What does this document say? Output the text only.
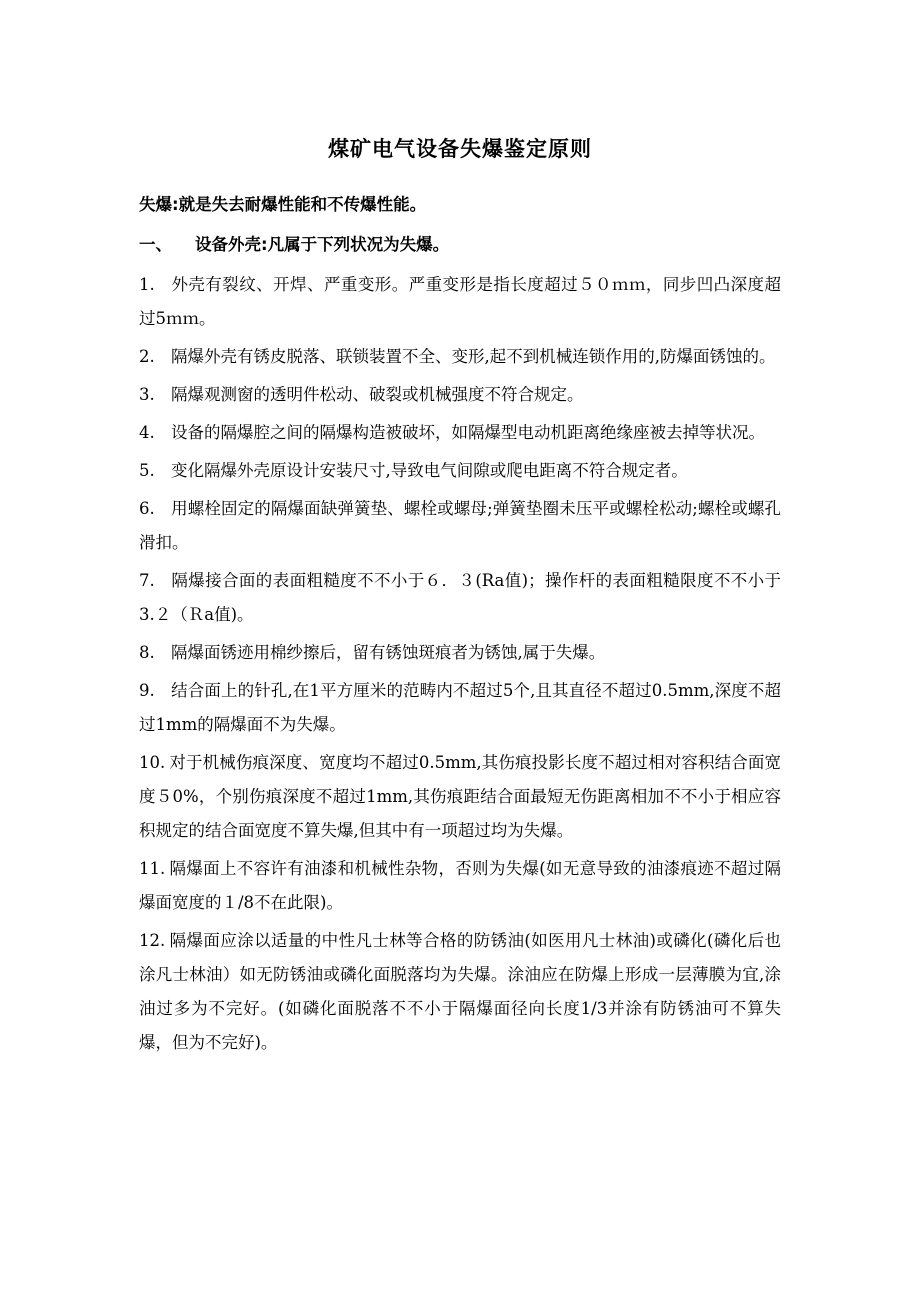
煤矿电气设备失爆鉴定原则

失爆:就是失去耐爆性能和不传爆性能。

一、 设备外壳:凡属于下列状况为失爆。

1. 外壳有裂纹、开焊、严重变形。严重变形是指长度超过５０ｍｍ，同步凹凸深度超过5ｍｍ。

2. 隔爆外壳有锈皮脱落、联锁装置不全、变形,起不到机械连锁作用的,防爆面锈蚀的。

3. 隔爆观测窗的透明件松动、破裂或机械强度不符合规定。

4. 设备的隔爆腔之间的隔爆构造被破坏，如隔爆型电动机距离绝缘座被去掉等状况。

5. 变化隔爆外壳原设计安装尺寸,导致电气间隙或爬电距离不符合规定者。

6. 用螺栓固定的隔爆面缺弹簧垫、螺栓或螺母;弹簧垫圈未压平或螺栓松动;螺栓或螺孔滑扣。

7. 隔爆接合面的表面粗糙度不不小于６．３(Ra值)；操作杆的表面粗糙限度不不小于3.２（Ｒa值)。

8. 隔爆面锈迹用棉纱擦后，留有锈蚀斑痕者为锈蚀,属于失爆。

9. 结合面上的针孔,在1平方厘米的范畴内不超过5个,且其直径不超过0.5mm,深度不超过1mm的隔爆面不为失爆。

10. 对于机械伤痕深度、宽度均不超过0.5mm,其伤痕投影长度不超过相对容积结合面宽度５0%，个别伤痕深度不超过1mm,其伤痕距结合面最短无伤距离相加不不小于相应容积规定的结合面宽度不算失爆,但其中有一项超过均为失爆。

11. 隔爆面上不容许有油漆和机械性杂物，否则为失爆(如无意导致的油漆痕迹不超过隔爆面宽度的１/8不在此限)。

12. 隔爆面应涂以适量的中性凡士林等合格的防锈油(如医用凡士林油)或磷化(磷化后也涂凡士林油）如无防锈油或磷化面脱落均为失爆。涂油应在防爆上形成一层薄膜为宜,涂油过多为不完好。(如磷化面脱落不不小于隔爆面径向长度1/3并涂有防锈油可不算失爆，但为不完好)。
